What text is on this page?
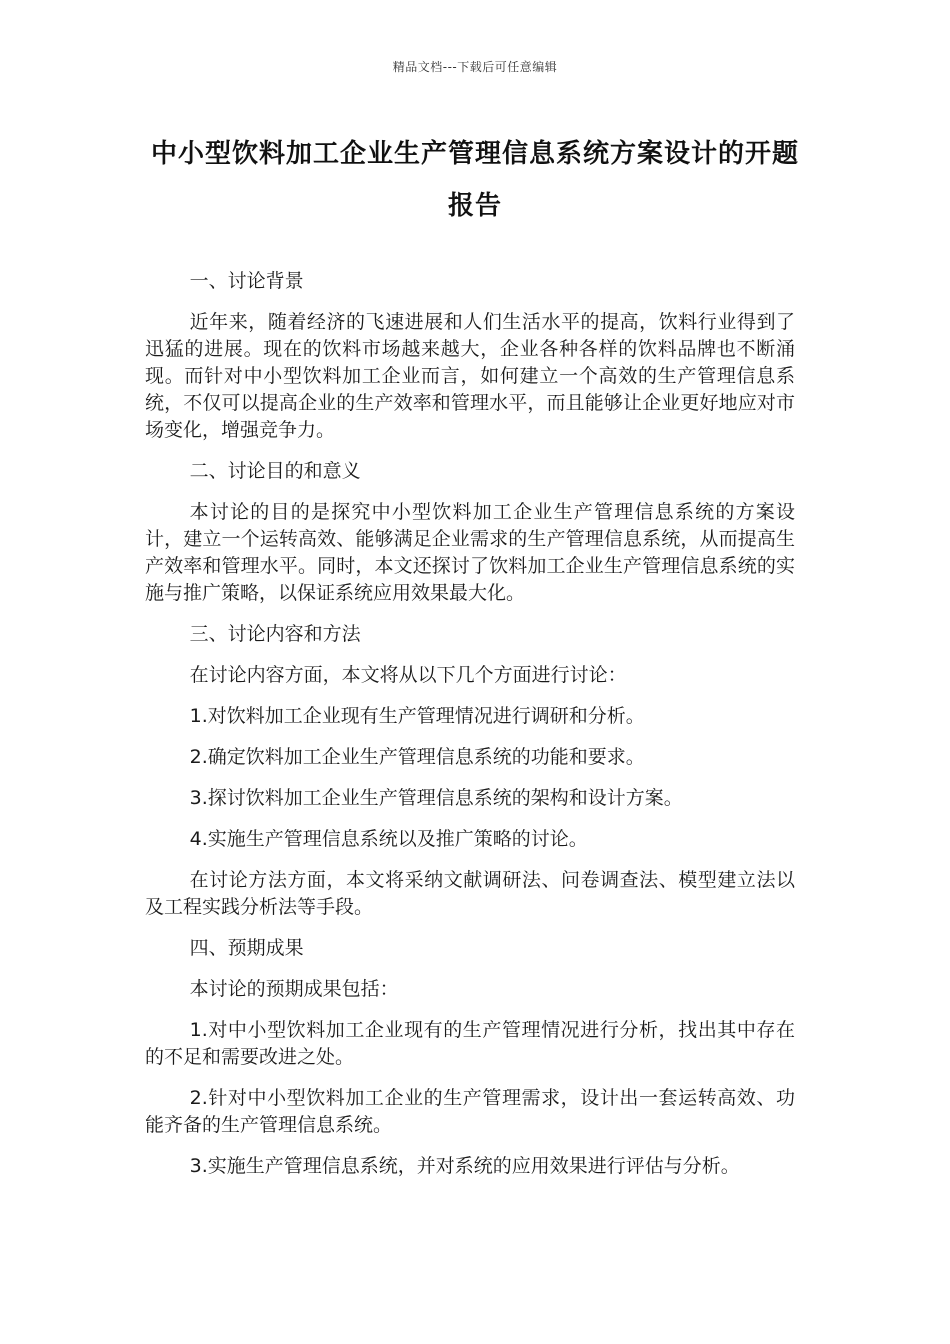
精品文档---下载后可任意编辑
中小型饮料加工企业生产管理信息系统方案设计的开题报告

一、讨论背景

近年来，随着经济的飞速进展和人们生活水平的提高，饮料行业得到了迅猛的进展。现在的饮料市场越来越大，企业各种各样的饮料品牌也不断涌现。而针对中小型饮料加工企业而言，如何建立一个高效的生产管理信息系统，不仅可以提高企业的生产效率和管理水平，而且能够让企业更好地应对市场变化，增强竞争力。

二、讨论目的和意义

本讨论的目的是探究中小型饮料加工企业生产管理信息系统的方案设计，建立一个运转高效、能够满足企业需求的生产管理信息系统，从而提高生产效率和管理水平。同时，本文还探讨了饮料加工企业生产管理信息系统的实施与推广策略，以保证系统应用效果最大化。

三、讨论内容和方法

在讨论内容方面，本文将从以下几个方面进行讨论：

1.对饮料加工企业现有生产管理情况进行调研和分析。

2.确定饮料加工企业生产管理信息系统的功能和要求。

3.探讨饮料加工企业生产管理信息系统的架构和设计方案。

4.实施生产管理信息系统以及推广策略的讨论。

在讨论方法方面，本文将采纳文献调研法、问卷调查法、模型建立法以及工程实践分析法等手段。

四、预期成果

本讨论的预期成果包括：

1.对中小型饮料加工企业现有的生产管理情况进行分析，找出其中存在的不足和需要改进之处。

2.针对中小型饮料加工企业的生产管理需求，设计出一套运转高效、功能齐备的生产管理信息系统。

3.实施生产管理信息系统，并对系统的应用效果进行评估与分析。
